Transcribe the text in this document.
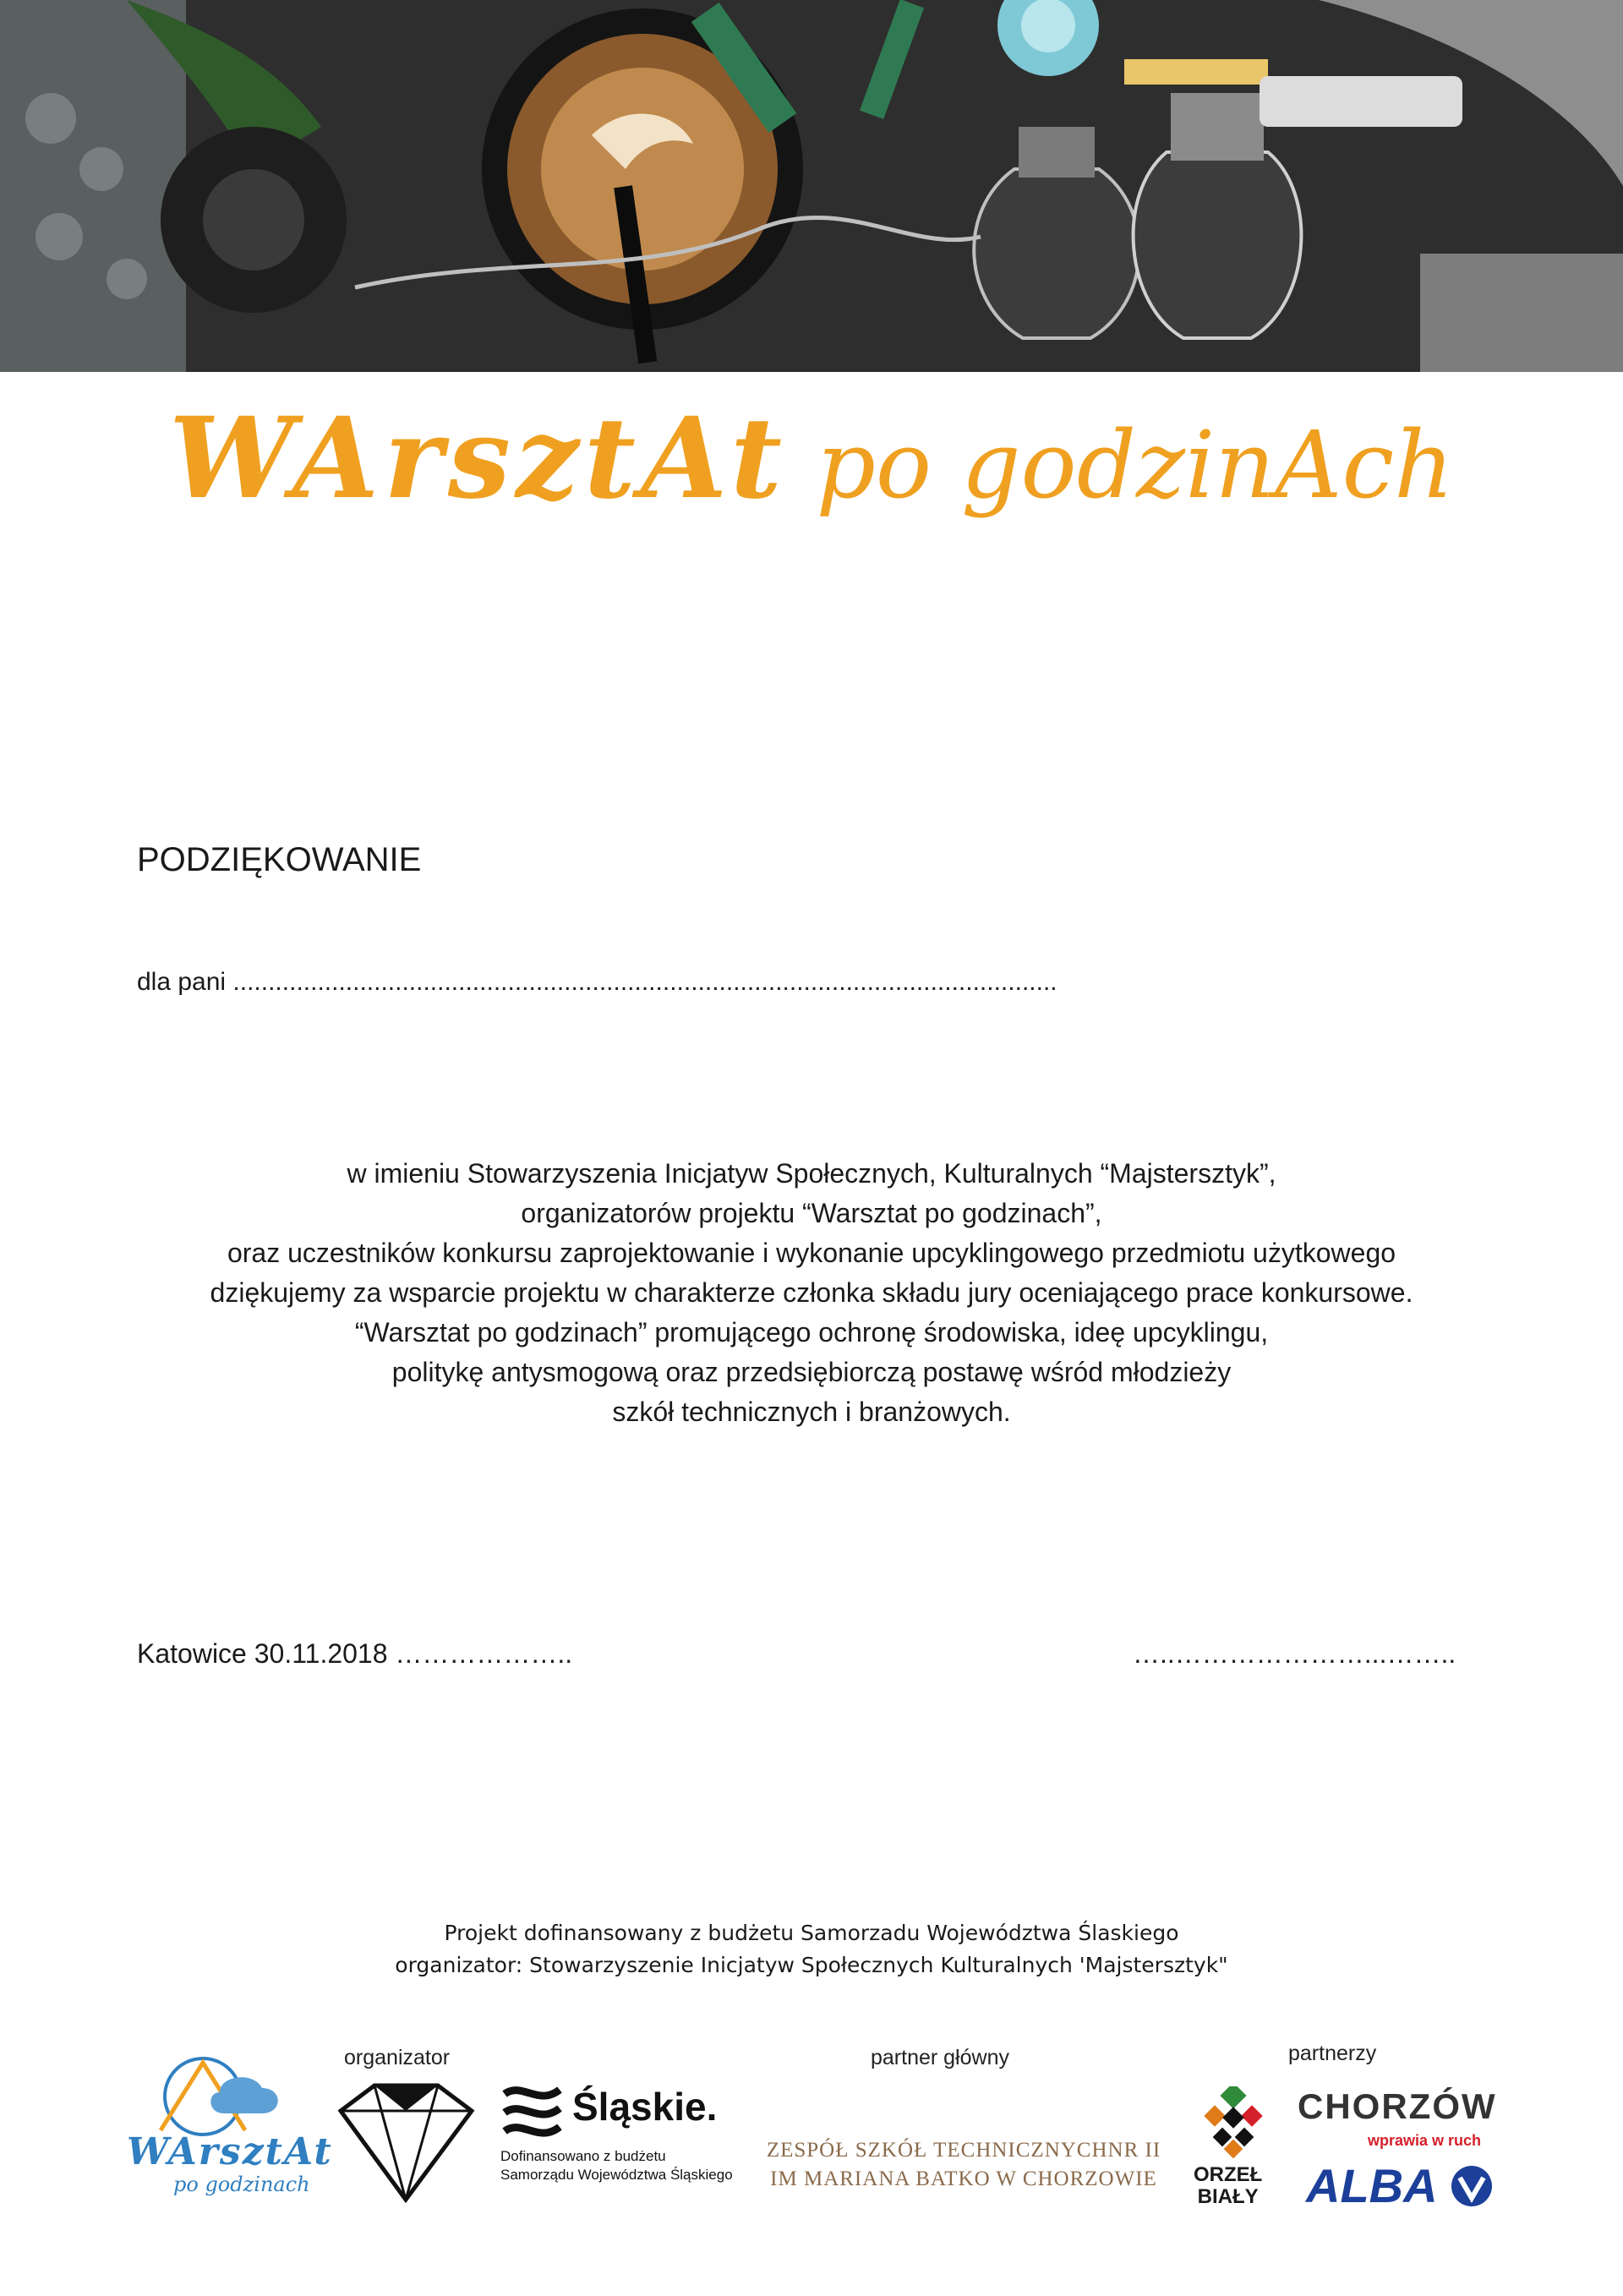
WArsztAt po godzinAch
PODZIĘKOWANIE
dla pani .....................................................................................................................
w imieniu Stowarzyszenia Inicjatyw Społecznych, Kulturalnych “Majstersztyk”,
organizatorów projektu “Warsztat po godzinach”,
oraz uczestników konkursu zaprojektowanie i wykonanie upcyklingowego przedmiotu użytkowego
dziękujemy za wsparcie projektu w charakterze członka składu jury oceniającego prace konkursowe.
“Warsztat po godzinach” promującego ochronę środowiska, ideę upcyklingu,
politykę antysmogową oraz przedsiębiorczą postawę wśród młodzieży
szkół technicznych i branżowych.
Katowice 30.11.2018 ………………..	…..…………………...……..
Projekt dofinansowany z budżetu Samorzadu Województwa Ślaskiego
organizator: Stowarzyszenie Inicjatyw Społecznych Kulturalnych 'Majstersztyk"
organizator	partner główny	partnerzy
WArsztAt
po godzinach
Śląskie.
Dofinansowano z budżetu
Samorządu Województwa Śląskiego
ZESPÓŁ SZKÓŁ TECHNICZNYCHNR II
IM MARIANA BATKO W CHORZOWIE	ORZEŁ
BIAŁY
CHORZÓW
wprawia w ruch
ALBA
